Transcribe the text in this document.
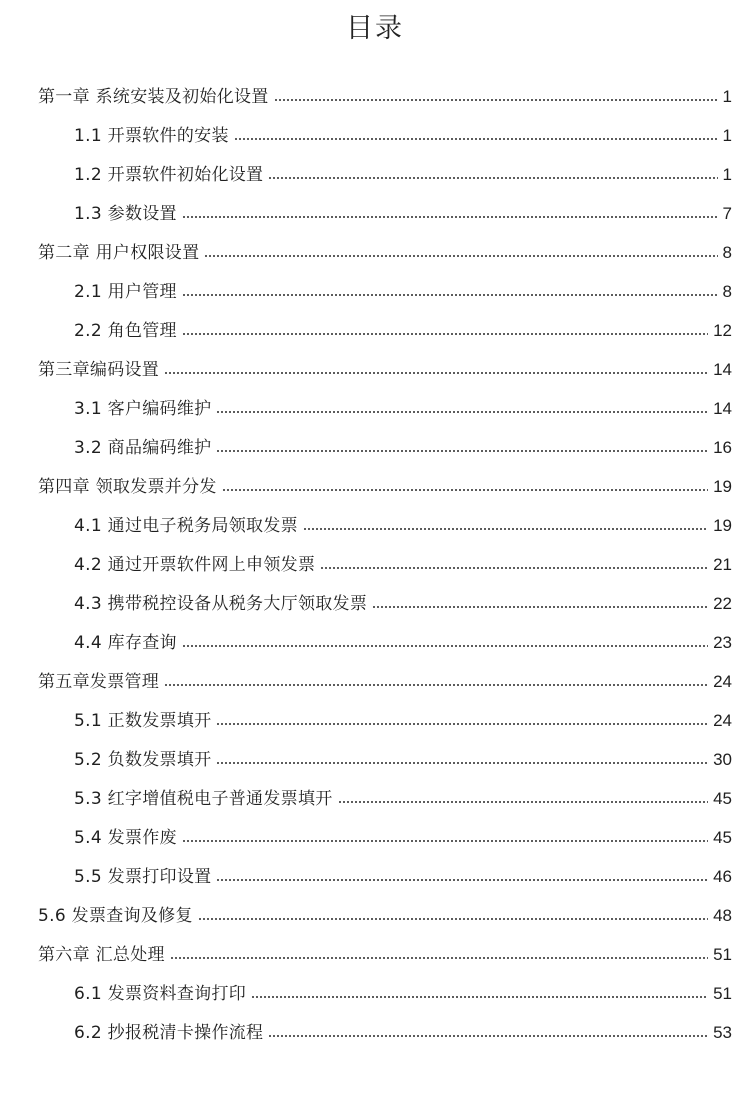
目录
第一章 系统安装及初始化设置	1
1.1 开票软件的安装	1
1.2 开票软件初始化设置	1
1.3 参数设置	7
第二章 用户权限设置	8
2.1 用户管理	8
2.2 角色管理	12
第三章编码设置	14
3.1 客户编码维护	14
3.2 商品编码维护	16
第四章 领取发票并分发	19
4.1 通过电子税务局领取发票	19
4.2 通过开票软件网上申领发票	21
4.3 携带税控设备从税务大厅领取发票	22
4.4 库存查询	23
第五章发票管理	24
5.1 正数发票填开	24
5.2 负数发票填开	30
5.3 红字增值税电子普通发票填开	45
5.4 发票作废	45
5.5 发票打印设置	46
5.6 发票查询及修复	48
第六章 汇总处理	51
6.1 发票资料查询打印	51
6.2 抄报税清卡操作流程	53
